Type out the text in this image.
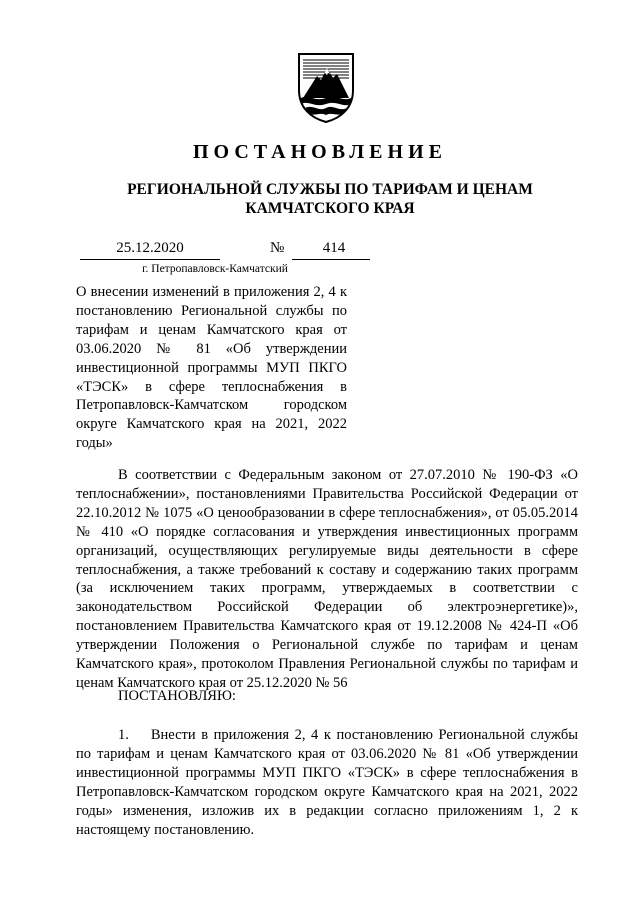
ПОСТАНОВЛЕНИЕ
РЕГИОНАЛЬНОЙ СЛУЖБЫ ПО ТАРИФАМ И ЦЕНАМ
КАМЧАТСКОГО КРАЯ
25.12.2020	№	414
г. Петропавловск-Камчатский
О внесении изменений в приложения 2, 4 к постановлению Региональной службы по тарифам и ценам Камчатского края от 03.06.2020 № 81 «Об утверждении инвестиционной программы МУП ПКГО «ТЭСК» в сфере теплоснабжения в Петропавловск-Камчатском городском округе Камчатского края на 2021, 2022 годы»

В соответствии с Федеральным законом от 27.07.2010 № 190-ФЗ «О теплоснабжении», постановлениями Правительства Российской Федерации от 22.10.2012 № 1075 «О ценообразовании в сфере теплоснабжения», от 05.05.2014 № 410 «О порядке согласования и утверждения инвестиционных программ организаций, осуществляющих регулируемые виды деятельности в сфере теплоснабжения, а также требований к составу и содержанию таких программ (за исключением таких программ, утверждаемых в соответствии с законодательством Российской Федерации об электроэнергетике)», постановлением Правительства Камчатского края от 19.12.2008 № 424-П «Об утверждении Положения о Региональной службе по тарифам и ценам Камчатского края», протоколом Правления Региональной службы по тарифам и ценам Камчатского края от 25.12.2020 № 56

ПОСТАНОВЛЯЮ:

1. Внести в приложения 2, 4 к постановлению Региональной службы по тарифам и ценам Камчатского края от 03.06.2020 № 81 «Об утверждении инвестиционной программы МУП ПКГО «ТЭСК» в сфере теплоснабжения в Петропавловск-Камчатском городском округе Камчатского края на 2021, 2022 годы» изменения, изложив их в редакции согласно приложениям 1, 2 к настоящему постановлению.
